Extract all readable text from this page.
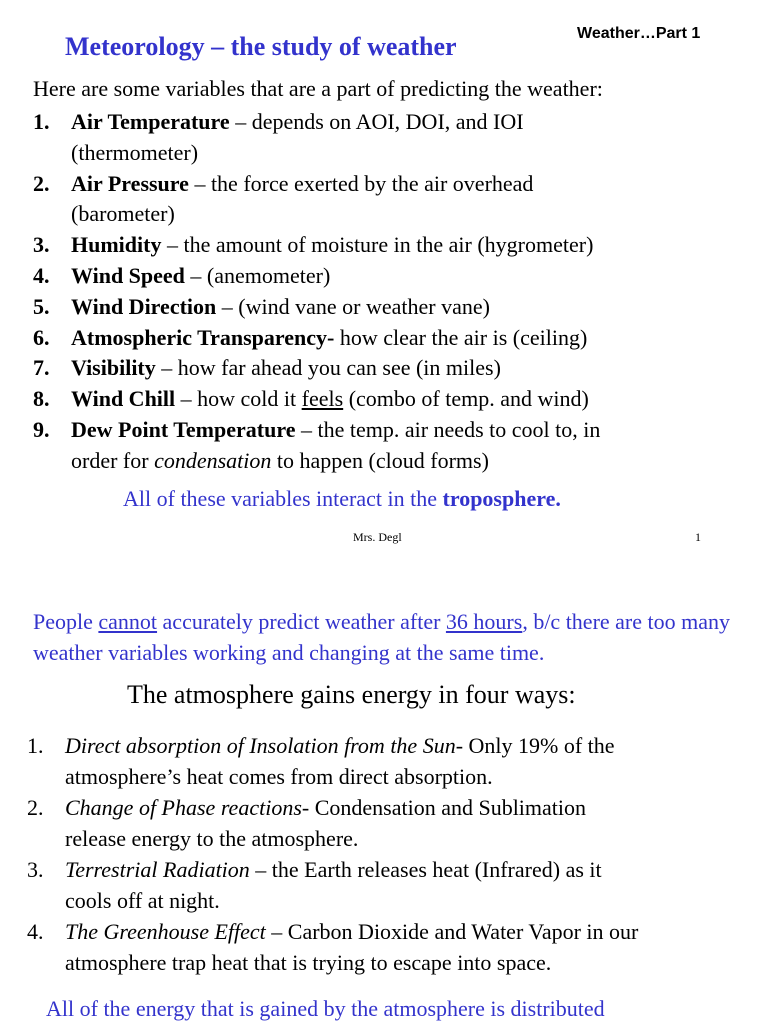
Meteorology – the study of weather	Weather…Part 1
Here are some variables that are a part of predicting the weather:
1. Air Temperature – depends on AOI, DOI, and IOI
(thermometer)
2. Air Pressure – the force exerted by the air overhead
(barometer)
3. Humidity – the amount of moisture in the air (hygrometer)
4. Wind Speed – (anemometer)
5. Wind Direction – (wind vane or weather vane)
6. Atmospheric Transparency- how clear the air is (ceiling)
7. Visibility – how far ahead you can see (in miles)
8. Wind Chill – how cold it feels (combo of temp. and wind)
9. Dew Point Temperature – the temp. air needs to cool to, in
order for condensation to happen (cloud forms)
All of these variables interact in the troposphere.
Mrs. Degl	1
People cannot accurately predict weather after 36 hours, b/c there are too many weather variables working and changing at the same time.
The atmosphere gains energy in four ways:
1. Direct absorption of Insolation from the Sun- Only 19% of the
atmosphere’s heat comes from direct absorption.
2. Change of Phase reactions- Condensation and Sublimation
release energy to the atmosphere.
3. Terrestrial Radiation – the Earth releases heat (Infrared) as it
cools off at night.
4. The Greenhouse Effect – Carbon Dioxide and Water Vapor in our
atmosphere trap heat that is trying to escape into space.
All of the energy that is gained by the atmosphere is distributed
